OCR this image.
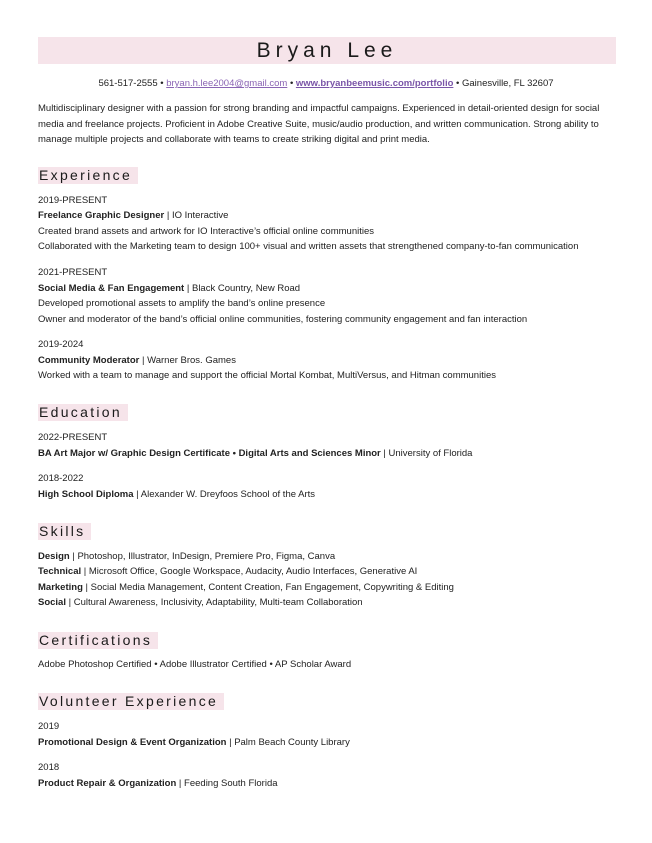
Bryan Lee
561-517-2555 • bryan.h.lee2004@gmail.com • www.bryanbeemusic.com/portfolio • Gainesville, FL 32607
Multidisciplinary designer with a passion for strong branding and impactful campaigns. Experienced in detail-oriented design for social media and freelance projects. Proficient in Adobe Creative Suite, music/audio production, and written communication. Strong ability to manage multiple projects and collaborate with teams to create striking digital and print media.
Experience
2019-PRESENT
Freelance Graphic Designer | IO Interactive
Created brand assets and artwork for IO Interactive’s official online communities
Collaborated with the Marketing team to design 100+ visual and written assets that strengthened company-to-fan communication
2021-PRESENT
Social Media & Fan Engagement | Black Country, New Road
Developed promotional assets to amplify the band’s online presence
Owner and moderator of the band’s official online communities, fostering community engagement and fan interaction
2019-2024
Community Moderator | Warner Bros. Games
Worked with a team to manage and support the official Mortal Kombat, MultiVersus, and Hitman communities
Education
2022-PRESENT
BA Art Major w/ Graphic Design Certificate • Digital Arts and Sciences Minor | University of Florida
2018-2022
High School Diploma | Alexander W. Dreyfoos School of the Arts
Skills
Design | Photoshop, Illustrator, InDesign, Premiere Pro, Figma, Canva
Technical | Microsoft Office, Google Workspace, Audacity, Audio Interfaces, Generative AI
Marketing | Social Media Management, Content Creation, Fan Engagement, Copywriting & Editing
Social | Cultural Awareness, Inclusivity, Adaptability, Multi-team Collaboration
Certifications
Adobe Photoshop Certified • Adobe Illustrator Certified • AP Scholar Award
Volunteer Experience
2019
Promotional Design & Event Organization | Palm Beach County Library
2018
Product Repair & Organization | Feeding South Florida
